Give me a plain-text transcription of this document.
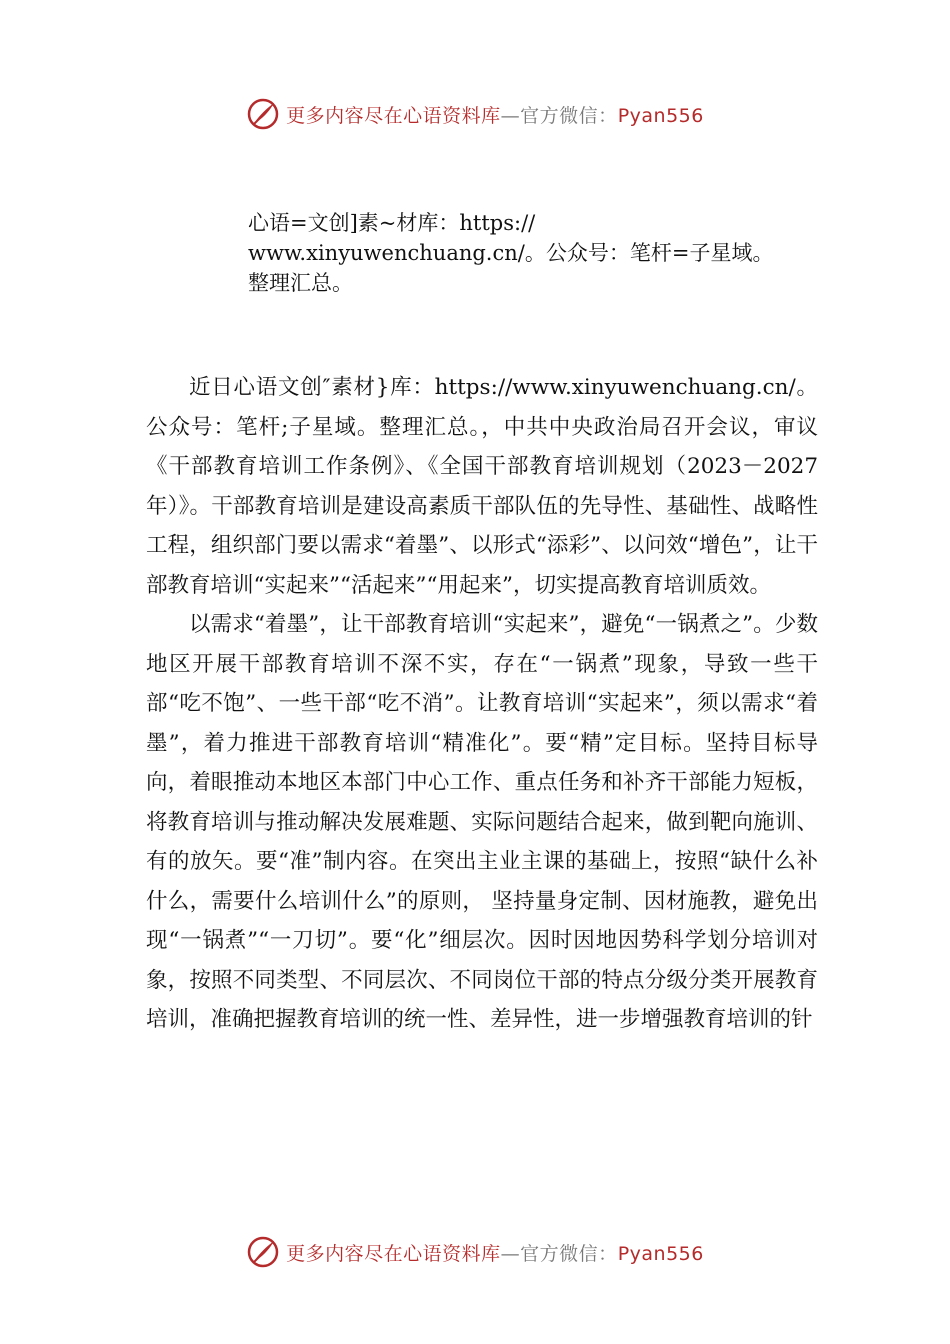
更多内容尽在心语资料库—官方微信：Pyan556
心语=文创]素~材库：https://
www.xinyuwenchuang.cn/。公众号：笔杆=子星域。
整理汇总。

近日心语文创″素材}库：https://www.xinyuwenchuang.cn/。公众号：笔杆;子星域。整理汇总。，中共中央政治局召开会议，审议《干部教育培训工作条例》、《全国干部教育培训规划（2023－2027 年）》。干部教育培训是建设高素质干部队伍的先导性、基础性、战略性工程，组织部门要以需求“着墨”、以形式“添彩”、以问效“增色”，让干部教育培训“实起来”“活起来”“用起来”，切实提高教育培训质效。

以需求“着墨”，让干部教育培训“实起来”，避免“一锅煮之”。少数地区开展干部教育培训不深不实，存在“一锅煮”现象，导致一些干部“吃不饱”、一些干部“吃不消”。让教育培训“实起来”，须以需求“着墨”，着力推进干部教育培训“精准化”。要“精”定目标。坚持目标导向，着眼推动本地区本部门中心工作、重点任务和补齐干部能力短板， 将教育培训与推动解决发展难题、实际问题结合起来，做到靶向施训、有的放矢。要“准”制内容。在突出主业主课的基础上，按照“缺什么补什么，需要什么培训什么”的原则， 坚持量身定制、因材施教，避免出现“一锅煮”“一刀切”。要“化”细层次。因时因地因势科学划分培训对象，按照不同类型、不同层次、不同岗位干部的特点分级分类开展教育培训，准确把握教育培训的统一性、差异性，进一步增强教育培训的针

更多内容尽在心语资料库—官方微信：Pyan556
